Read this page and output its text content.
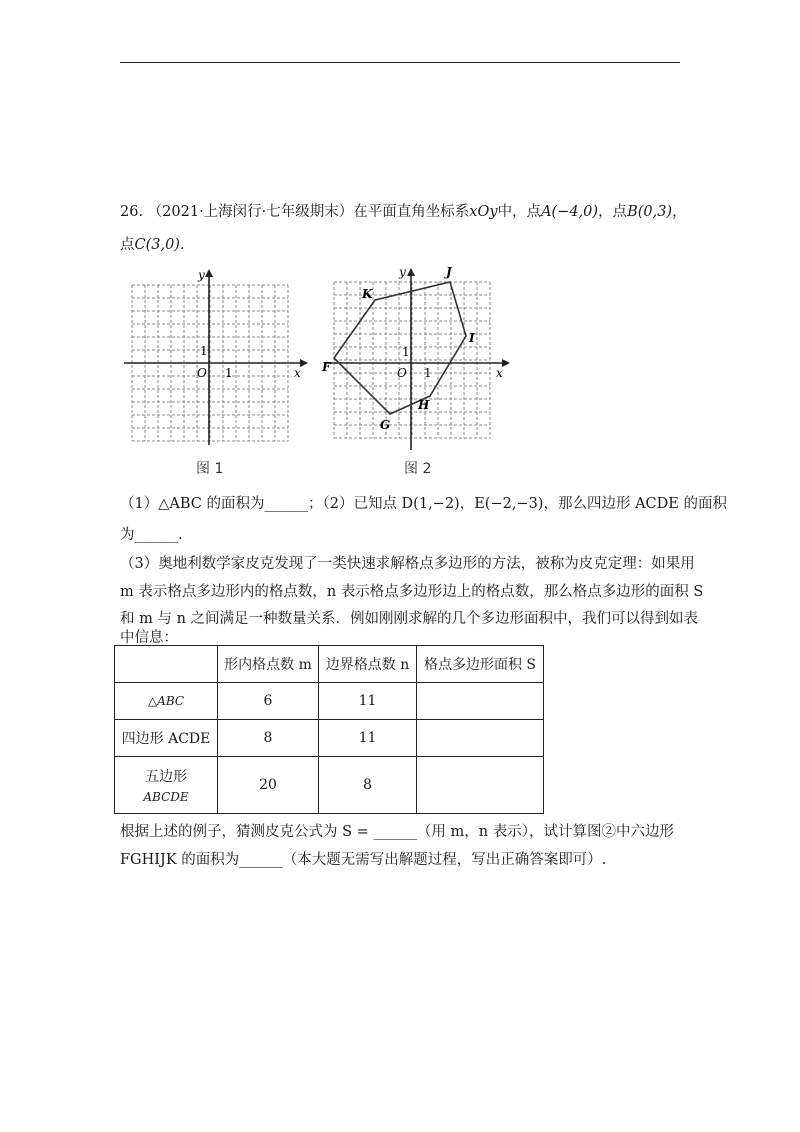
26. （2021·上海闵行·七年级期末）在平面直角坐标系xOy中，点A(−4,0)，点B(0,3)，
点C(3,0).
x
y
O 1
1
图 1
x
y
O 1
1
F
G
H
I
J
K
图 2
（1）△ABC 的面积为______；（2）已知点 D(1,−2)，E(−2,−3)，那么四边形 ACDE 的面积
为______.
（3）奥地利数学家皮克发现了一类快速求解格点多边形的方法，被称为皮克定理：如果用
m 表示格点多边形内的格点数，n 表示格点多边形边上的格点数，那么格点多边形的面积 S
和 m 与 n 之间满足一种数量关系．例如刚刚求解的几个多边形面积中，我们可以得到如表
中信息：
	形内格点数 m	边界格点数 n	格点多边形面积 S
△ABC	6	11	
四边形 ACDE	8	11	

五边形
ABCDE	20	8	
根据上述的例子，猜测皮克公式为 S = ______（用 m，n 表示），试计算图②中六边形
FGHIJK 的面积为______（本大题无需写出解题过程，写出正确答案即可）.
